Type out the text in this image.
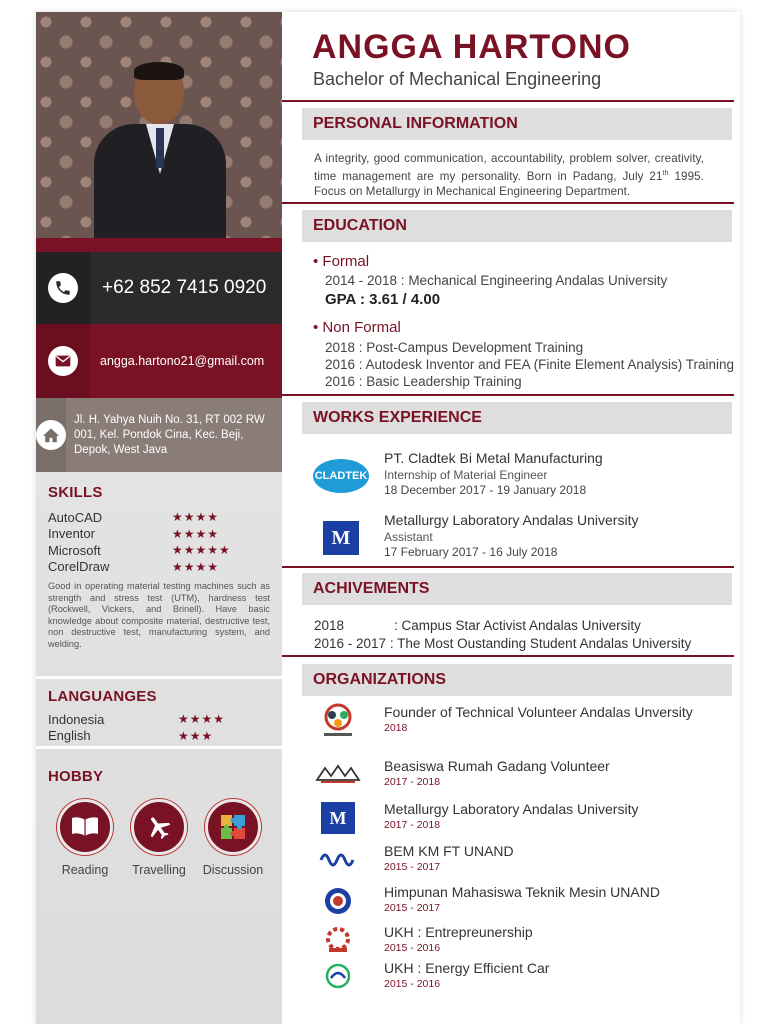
+62 852 7415 0920
angga.hartono21@gmail.com
Jl. H. Yahya Nuih No. 31, RT 002 RW 001, Kel. Pondok Cina, Kec. Beji, Depok, West Java
SKILLS
AutoCAD	★★★★
Inventor	★★★★
Microsoft	★★★★★
CorelDraw	★★★★

Good in operating material testing machines such as strength and stress test (UTM), hardness test (Rockwell, Vickers, and Brinell). Have basic knowledge about composite material, destructive test, non destructive test, manufacturing system, and welding.

LANGUANGES
Indonesia	★★★★
English	★★★
HOBBY
Reading Travelling Discussion
ANGGA HARTONO
Bachelor of Mechanical Engineering
PERSONAL INFORMATION
A integrity, good communication, accountability, problem solver, creativity, time management are my personality. Born in Padang, July 21th 1995. Focus on Metallurgy in Mechanical Engineering Department.
EDUCATION
• Formal
2014 - 2018 : Mechanical Engineering Andalas University
GPA : 3.61 / 4.00
• Non Formal
2018 : Post-Campus Development Training
2016 : Autodesk Inventor and FEA (Finite Element Analysis) Training
2016 : Basic Leadership Training
WORKS EXPERIENCE
CLADTEK
PT. Cladtek Bi Metal Manufacturing
Internship of Material Engineer
18 December 2017 - 19 January 2018
M
Metallurgy Laboratory Andalas University
Assistant
17 February 2017 - 16 July 2018
ACHIVEMENTS
2018	: Campus Star Activist Andalas University
2016 - 2017 : The Most Oustanding Student Andalas University
ORGANIZATIONS
Founder of Technical Volunteer Andalas Unversity
2018
Beasiswa Rumah Gadang Volunteer
2017 - 2018
M	Metallurgy Laboratory Andalas University
2017 - 2018
BEM KM FT UNAND
2015 - 2017
Himpunan Mahasiswa Teknik Mesin UNAND
2015 - 2017
UKH : Entrepreunership
2015 - 2016
UKH : Energy Efficient Car
2015 - 2016
